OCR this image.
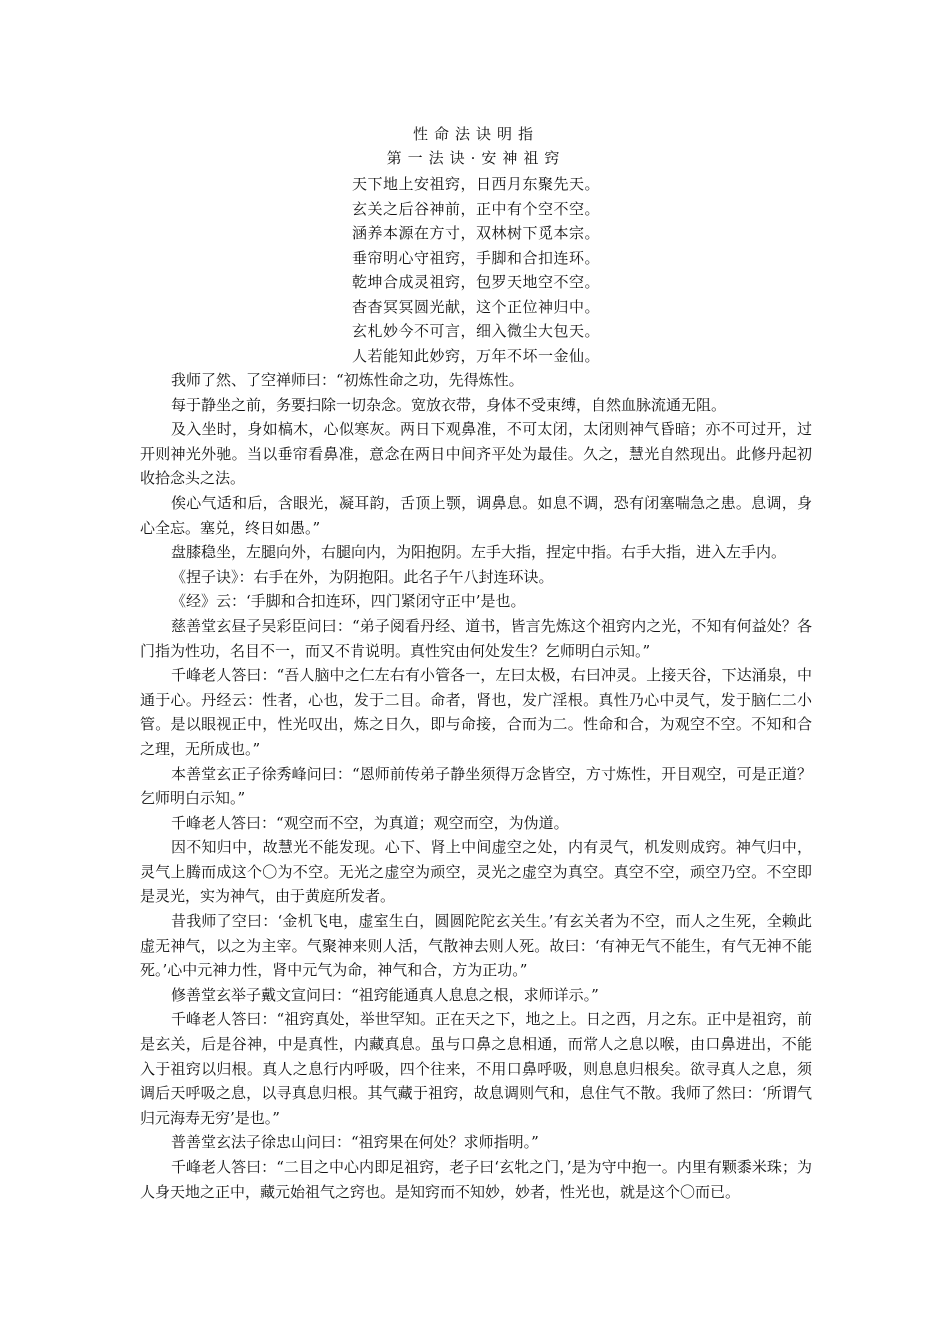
性命法诀明指
第一法诀·安神祖窍
天下地上安祖窍，日西月东聚先天。
玄关之后谷神前，正中有个空不空。
涵养本源在方寸，双林树下觅本宗。
垂帘明心守祖窍，手脚和合扣连环。
乾坤合成灵祖窍，包罗天地空不空。
杳杳冥冥圆光献，这个正位神归中。
玄札妙今不可言，细入微尘大包天。
人若能知此妙窍，万年不坏一金仙。

我师了然、了空禅师曰：“初炼性命之功，先得炼性。

每于静坐之前，务要扫除一切杂念。宽放衣带，身体不受束缚，自然血脉流通无阻。

及入坐时，身如槁木，心似寒灰。两日下观鼻准，不可太闭，太闭则神气昏暗；亦不可过开，过开则神光外驰。当以垂帘看鼻准，意念在两日中间齐平处为最佳。久之，慧光自然现出。此修丹起初收拾念头之法。

俟心气适和后，含眼光，凝耳韵，舌顶上颚，调鼻息。如息不调，恐有闭塞喘急之患。息调，身心全忘。塞兑，终日如愚。”

盘膝稳坐，左腿向外，右腿向内，为阳抱阴。左手大指，捏定中指。右手大指，进入左手内。

《捏子诀》：右手在外，为阴抱阳。此名子午八封连环诀。

《经》云：‘手脚和合扣连环，四门紧闭守正中’是也。

慈善堂玄昼子吴彩臣问曰：“弟子阅看丹经、道书，皆言先炼这个祖窍内之光，不知有何益处？各门指为性功，名目不一，而又不肯说明。真性究由何处发生？乞师明白示知。”

千峰老人答曰：“吾人脑中之仁左右有小管各一，左曰太极，右曰冲灵。上接天谷，下达涌泉，中通于心。丹经云：性者，心也，发于二目。命者，肾也，发广淫根。真性乃心中灵气，发于脑仁二小管。是以眼视正中，性光叹出，炼之日久，即与命接，合而为二。性命和合，为观空不空。不知和合之理，无所成也。”

本善堂玄正子徐秀峰问曰：“恩师前传弟子静坐须得万念皆空，方寸炼性，开目观空，可是正道？乞师明白示知。”

千峰老人答曰：“观空而不空，为真道；观空而空，为伪道。

因不知归中，故慧光不能发现。心下、肾上中间虚空之处，内有灵气，机发则成窍。神气归中，灵气上腾而成这个〇为不空。无光之虚空为顽空，灵光之虚空为真空。真空不空，顽空乃空。不空即是灵光，实为神气，由于黄庭所发者。

昔我师了空曰：‘金机飞电，虚室生白，圆圆陀陀玄关生。’有玄关者为不空，而人之生死，全赖此虚无神气，以之为主宰。气聚神来则人活，气散神去则人死。故曰：‘有神无气不能生，有气无神不能死。’心中元神力性，肾中元气为命，神气和合，方为正功。”

修善堂玄举子戴文宣问曰：“祖窍能通真人息息之根，求师详示。”

千峰老人答曰：“祖窍真处，举世罕知。正在天之下，地之上。日之西，月之东。正中是祖窍，前是玄关，后是谷神，中是真性，内藏真息。虽与口鼻之息相通，而常人之息以喉，由口鼻进出，不能入于祖窍以归根。真人之息行内呼吸，四个往来，不用口鼻呼吸，则息息归根矣。欲寻真人之息，须调后天呼吸之息，以寻真息归根。其气藏于祖窍，故息调则气和，息住气不散。我师了然曰：‘所谓气归元海寿无穷’是也。”

普善堂玄法子徐忠山问曰：“祖窍果在何处？求师指明。”

千峰老人答曰：“二目之中心内即足祖窍，老子曰‘玄牝之门，’是为守中抱一。内里有颗黍米珠；为人身天地之正中，藏元始祖气之窍也。是知窍而不知妙，妙者，性光也，就是这个〇而已。
